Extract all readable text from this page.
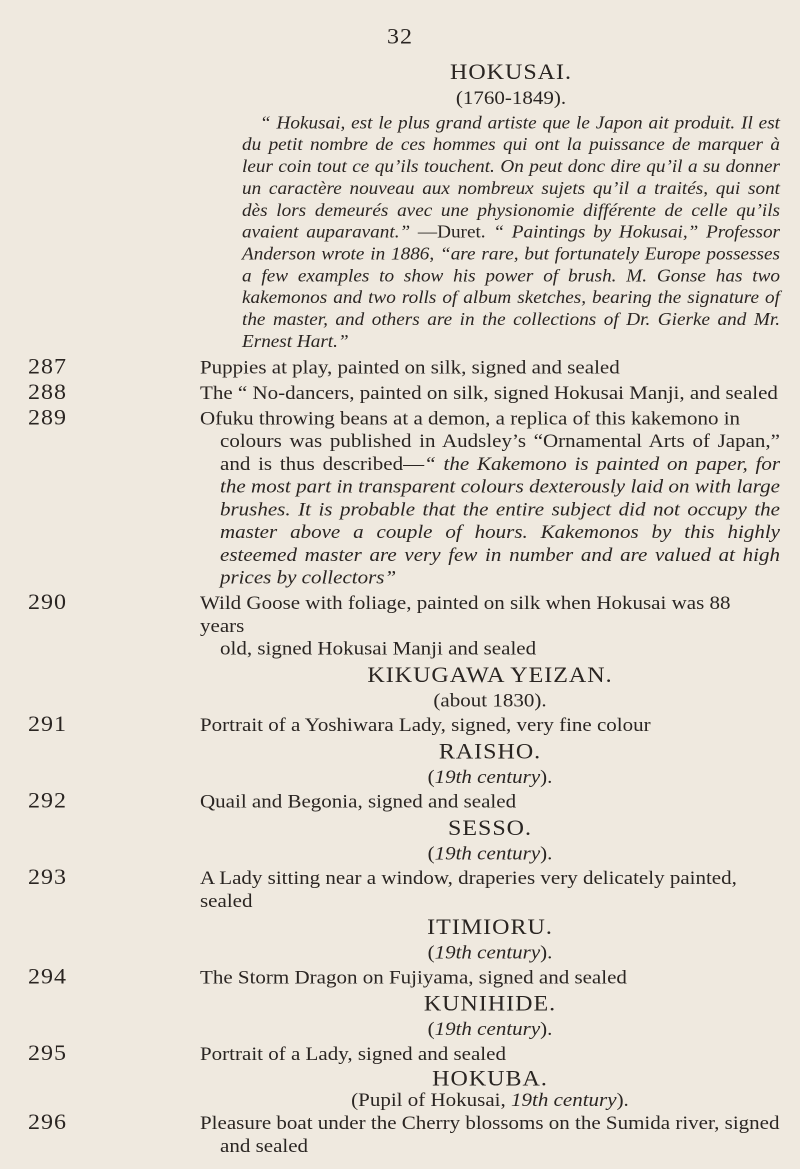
32
HOKUSAI.
(1760-1849).

“ Hokusai, est le plus grand artiste que le Japon ait produit. Il est du petit nombre de ces hommes qui ont la puissance de marquer à leur coin tout ce qu’ils touchent. On peut donc dire qu’il a su donner un caractère nouveau aux nombreux sujets qu’il a traités, qui sont dès lors demeurés avec une physionomie différente de celle qu’ils avaient auparavant.” —Duret. “ Paintings by Hokusai,” Professor Anderson wrote in 1886, “are rare, but fortunately Europe possesses a few examples to show his power of brush. M. Gonse has two kakemonos and two rolls of album sketches, bearing the signature of the master, and others are in the collections of Dr. Gierke and Mr. Ernest Hart.”

287	Puppies at play, painted on silk, signed and sealed
288	The “ No-dancers, painted on silk, signed Hokusai Manji, and sealed
289	Ofuku throwing beans at a demon, a replica of this kakemono in
colours was published in Audsley’s “Ornamental Arts of Japan,” and is thus described—“ the Kakemono is painted on paper, for the most part in transparent colours dexterously laid on with large brushes. It is probable that the entire subject did not occupy the master above a couple of hours. Kakemonos by this highly esteemed master are very few in number and are valued at high prices by collectors”
290	Wild Goose with foliage, painted on silk when Hokusai was 88 years
old, signed Hokusai Manji and sealed
KIKUGAWA YEIZAN.
(about 1830).
291	Portrait of a Yoshiwara Lady, signed, very fine colour
RAISHO.
(19th century).
292	Quail and Begonia, signed and sealed
SESSO.
(19th century).
293	A Lady sitting near a window, draperies very delicately painted, sealed
ITIMIORU.
(19th century).
294	The Storm Dragon on Fujiyama, signed and sealed
KUNIHIDE.
(19th century).
295	Portrait of a Lady, signed and sealed
HOKUBA.
(Pupil of Hokusai, 19th century).
296	Pleasure boat under the Cherry blossoms on the Sumida river, signed
and sealed
